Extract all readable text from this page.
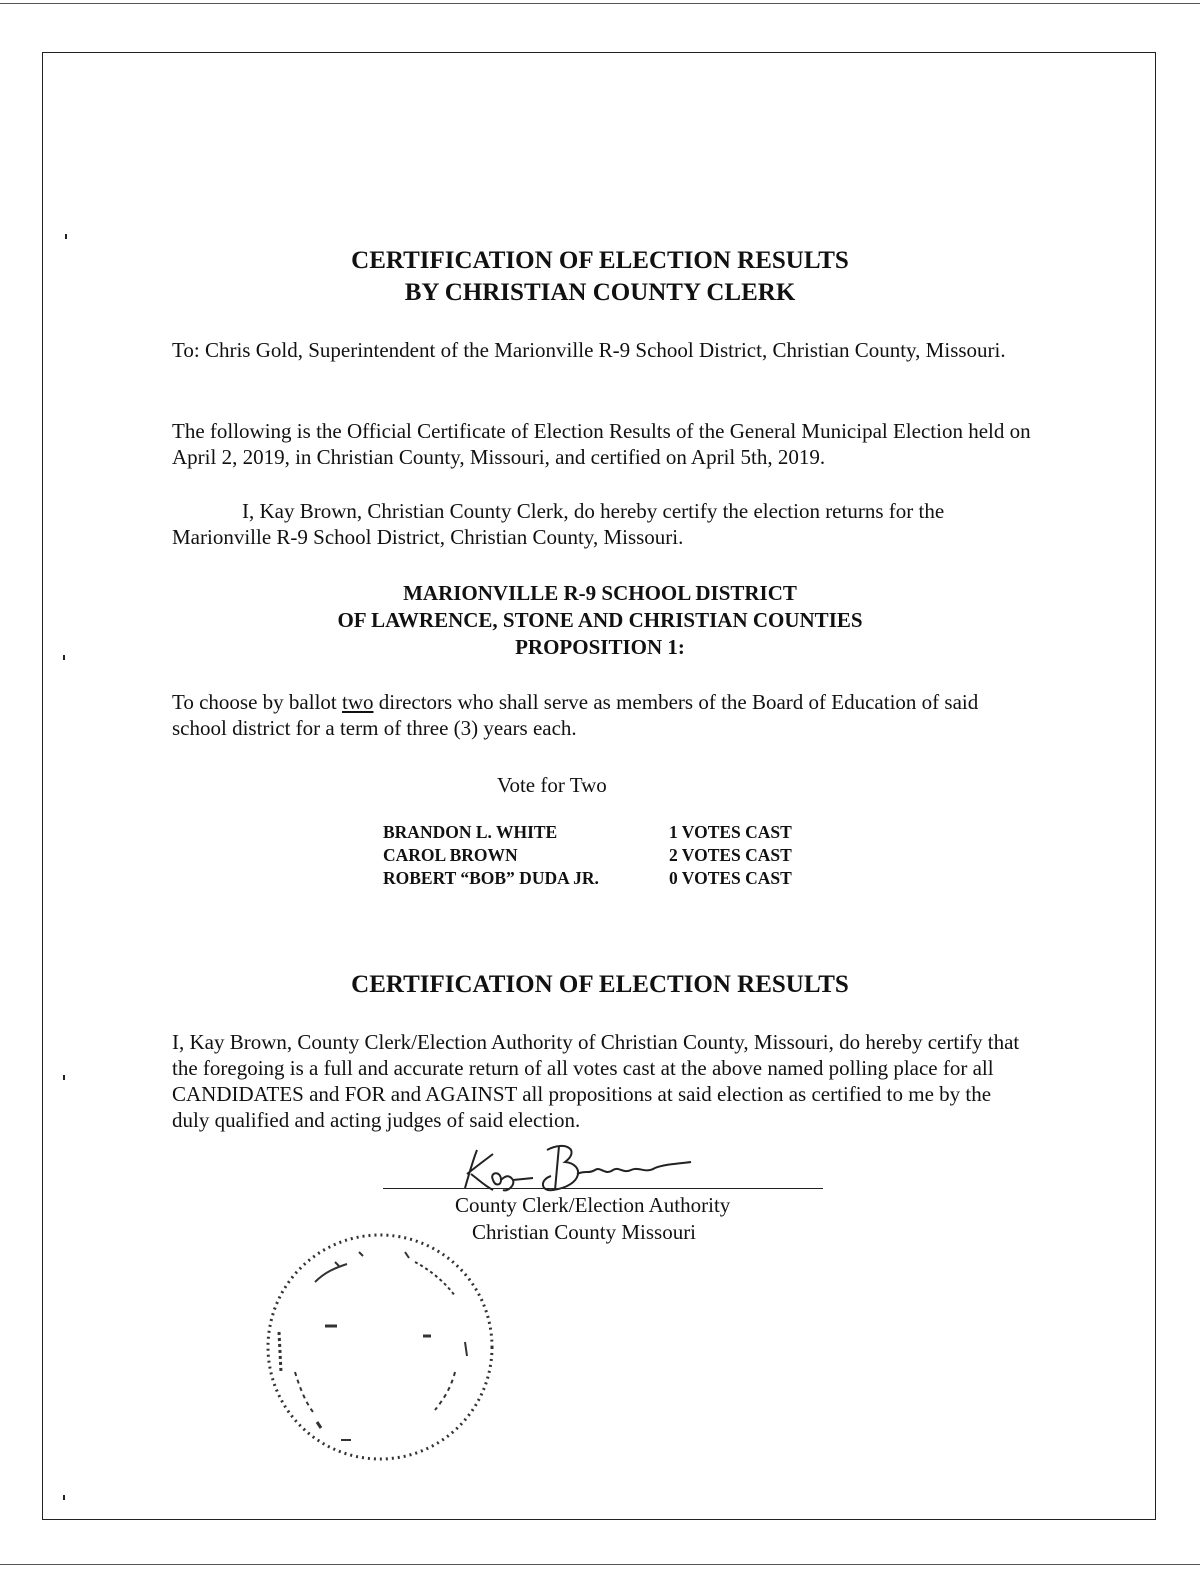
CERTIFICATION OF ELECTION RESULTS
BY CHRISTIAN COUNTY CLERK

To: Chris Gold, Superintendent of the Marionville R-9 School District, Christian County, Missouri.

The following is the Official Certificate of Election Results of the General Municipal Election held on April 2, 2019, in Christian County, Missouri, and certified on April 5th, 2019.

I, Kay Brown, Christian County Clerk, do hereby certify the election returns for the Marionville R-9 School District, Christian County, Missouri.

MARIONVILLE R-9 SCHOOL DISTRICT
OF LAWRENCE, STONE AND CHRISTIAN COUNTIES
PROPOSITION 1:

To choose by ballot two directors who shall serve as members of the Board of Education of said school district for a term of three (3) years each.

Vote for Two
BRANDON L. WHITE	1 VOTES CAST
CAROL BROWN	2 VOTES CAST
ROBERT “BOB” DUDA JR.	0 VOTES CAST
CERTIFICATION OF ELECTION RESULTS

I, Kay Brown, County Clerk/Election Authority of Christian County, Missouri, do hereby certify that the foregoing is a full and accurate return of all votes cast at the above named polling place for all CANDIDATES and FOR and AGAINST all propositions at said election as certified to me by the duly qualified and acting judges of said election.

County Clerk/Election Authority
Christian County Missouri
